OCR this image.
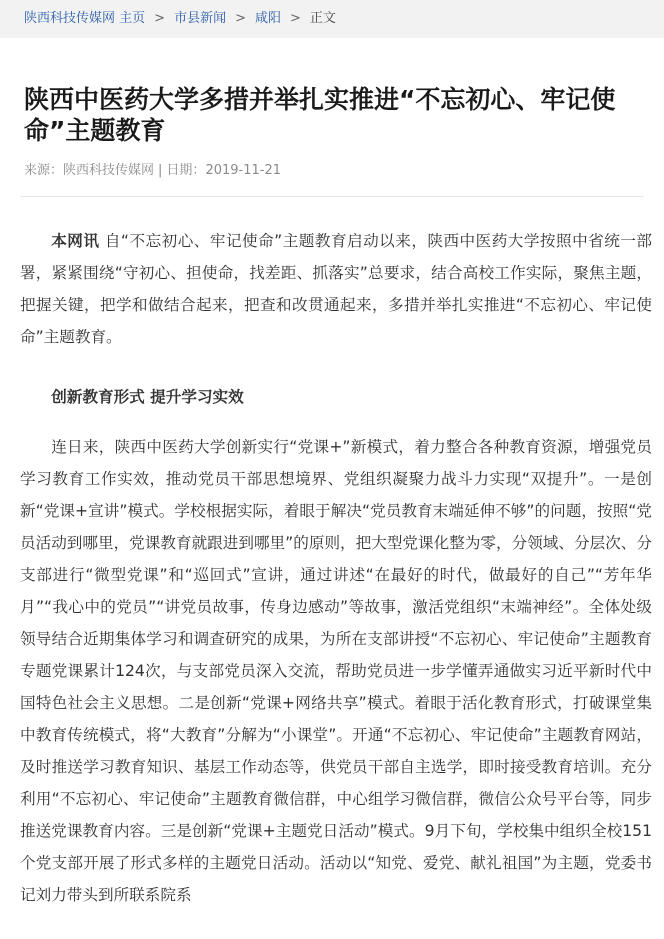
陕西科技传媒网 主页 > 市县新闻 > 咸阳 > 正文
陕西中医药大学多措并举扎实推进“不忘初心、牢记使命”主题教育
来源：陕西科技传媒网 | 日期：2019-11-21

本网讯 自“不忘初心、牢记使命”主题教育启动以来，陕西中医药大学按照中省统一部署，紧紧围绕“守初心、担使命，找差距、抓落实”总要求，结合高校工作实际，聚焦主题，把握关键，把学和做结合起来，把查和改贯通起来，多措并举扎实推进“不忘初心、牢记使命”主题教育。

创新教育形式 提升学习实效

连日来，陕西中医药大学创新实行“党课+”新模式，着力整合各种教育资源，增强党员学习教育工作实效，推动党员干部思想境界、党组织凝聚力战斗力实现“双提升”。一是创新“党课+宣讲”模式。学校根据实际，着眼于解决“党员教育末端延伸不够”的问题，按照“党员活动到哪里，党课教育就跟进到哪里”的原则，把大型党课化整为零，分领域、分层次、分支部进行“微型党课”和“巡回式”宣讲，通过讲述“在最好的时代，做最好的自己”“芳年华月”“我心中的党员”“讲党员故事，传身边感动”等故事，激活党组织“末端神经”。全体处级领导结合近期集体学习和调查研究的成果，为所在支部讲授“不忘初心、牢记使命”主题教育专题党课累计124次，与支部党员深入交流，帮助党员进一步学懂弄通做实习近平新时代中国特色社会主义思想。二是创新“党课+网络共享”模式。着眼于活化教育形式，打破课堂集中教育传统模式，将“大教育”分解为“小课堂”。开通“不忘初心、牢记使命”主题教育网站，及时推送学习教育知识、基层工作动态等，供党员干部自主选学，即时接受教育培训。充分利用“不忘初心、牢记使命”主题教育微信群，中心组学习微信群，微信公众号平台等，同步推送党课教育内容。三是创新“党课+主题党日活动”模式。9月下旬，学校集中组织全校151个党支部开展了形式多样的主题党日活动。活动以“知党、爱党、献礼祖国”为主题，党委书记刘力带头到所联系院系
